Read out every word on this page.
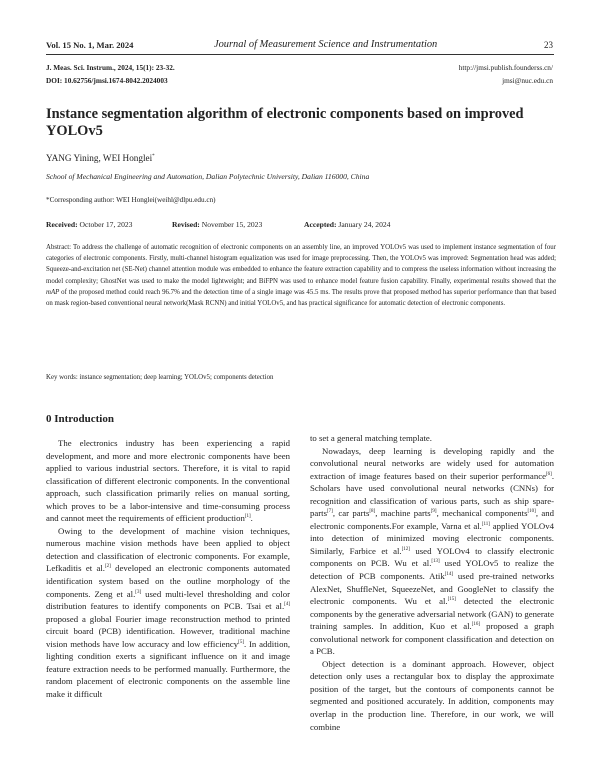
Vol. 15 No. 1, Mar. 2024	Journal of Measurement Science and Instrumentation	23
J. Meas. Sci. Instrum., 2024, 15(1): 23-32.
DOI: 10.62756/jmsi.1674-8042.2024003
http://jmsi.publish.founderss.cn/
jmsi@nuc.edu.cn
Instance segmentation algorithm of electronic components based on improved YOLOv5
YANG Yining, WEI Honglei*
School of Mechanical Engineering and Automation, Dalian Polytechnic University, Dalian 116000, China
*Corresponding author: WEI Honglei(weihl@dlpu.edu.cn)
Received: October 17, 2023	Revised: November 15, 2023	Accepted: January 24, 2024
Abstract: To address the challenge of automatic recognition of electronic components on an assembly line, an improved YOLOv5 was used to implement instance segmentation of four categories of electronic components. Firstly, multi-channel histogram equalization was used for image preprocessing. Then, the YOLOv5 was improved: Segmentation head was added; Squeeze-and-excitation net (SE-Net) channel attention module was embedded to enhance the feature extraction capability and to compress the useless information without increasing the model complexity; GhostNet was used to make the model lightweight; and BiFPN was used to enhance model feature fusion capability. Finally, experimental results showed that the mAP of the proposed method could reach 96.7% and the detection time of a single image was 45.5 ms. The results prove that proposed method has superior performance than that based on mask region-based conventional neural network(Mask RCNN) and initial YOLOv5, and has practical significance for automatic detection of electronic components.
Key words: instance segmentation; deep learning; YOLOv5; components detection
0 Introduction

The electronics industry has been experiencing a rapid development, and more and more electronic components have been applied to various industrial sectors. Therefore, it is vital to rapid classification of different electronic components. In the conventional approach, such classification primarily relies on manual sorting, which proves to be a labor-intensive and time-consuming process and cannot meet the requirements of efficient production[1].

Owing to the development of machine vision techniques, numerous machine vision methods have been applied to object detection and classification of electronic components. For example, Lefkaditis et al.[2] developed an electronic components automated identification system based on the outline morphology of the components. Zeng et al.[3] used multi-level thresholding and color distribution features to identify components on PCB. Tsai et al.[4] proposed a global Fourier image reconstruction method to printed circuit board (PCB) identification. However, traditional machine vision methods have low accuracy and low efficiency[5]. In addition, lighting condition exerts a significant influence on it and image feature extraction needs to be performed manually. Furthermore, the random placement of electronic components on the assemble line make it difficult

to set a general matching template.

Nowadays, deep learning is developing rapidly and the convolutional neural networks are widely used for automation extraction of image features based on their superior performance[6]. Scholars have used convolutional neural networks (CNNs) for recognition and classification of various parts, such as ship spare-parts[7], car parts[8], machine parts[9], mechanical components[10], and electronic components.For example, Varna et al.[11] applied YOLOv4 into detection of minimized moving electronic components. Similarly, Farbice et al.[12] used YOLOv4 to classify electronic components on PCB. Wu et al.[13] used YOLOv5 to realize the detection of PCB components. Atik[14] used pre-trained networks AlexNet, ShuffleNet, SqueezeNet, and GoogleNet to classify the electronic components. Wu et al.[15] detected the electronic components by the generative adversarial network (GAN) to generate training samples. In addition, Kuo et al.[16] proposed a graph convolutional network for component classification and detection on a PCB.

Object detection is a dominant approach. However, object detection only uses a rectangular box to display the approximate position of the target, but the contours of components cannot be segmented and positioned accurately. In addition, components may overlap in the production line. Therefore, in our work, we will combine
